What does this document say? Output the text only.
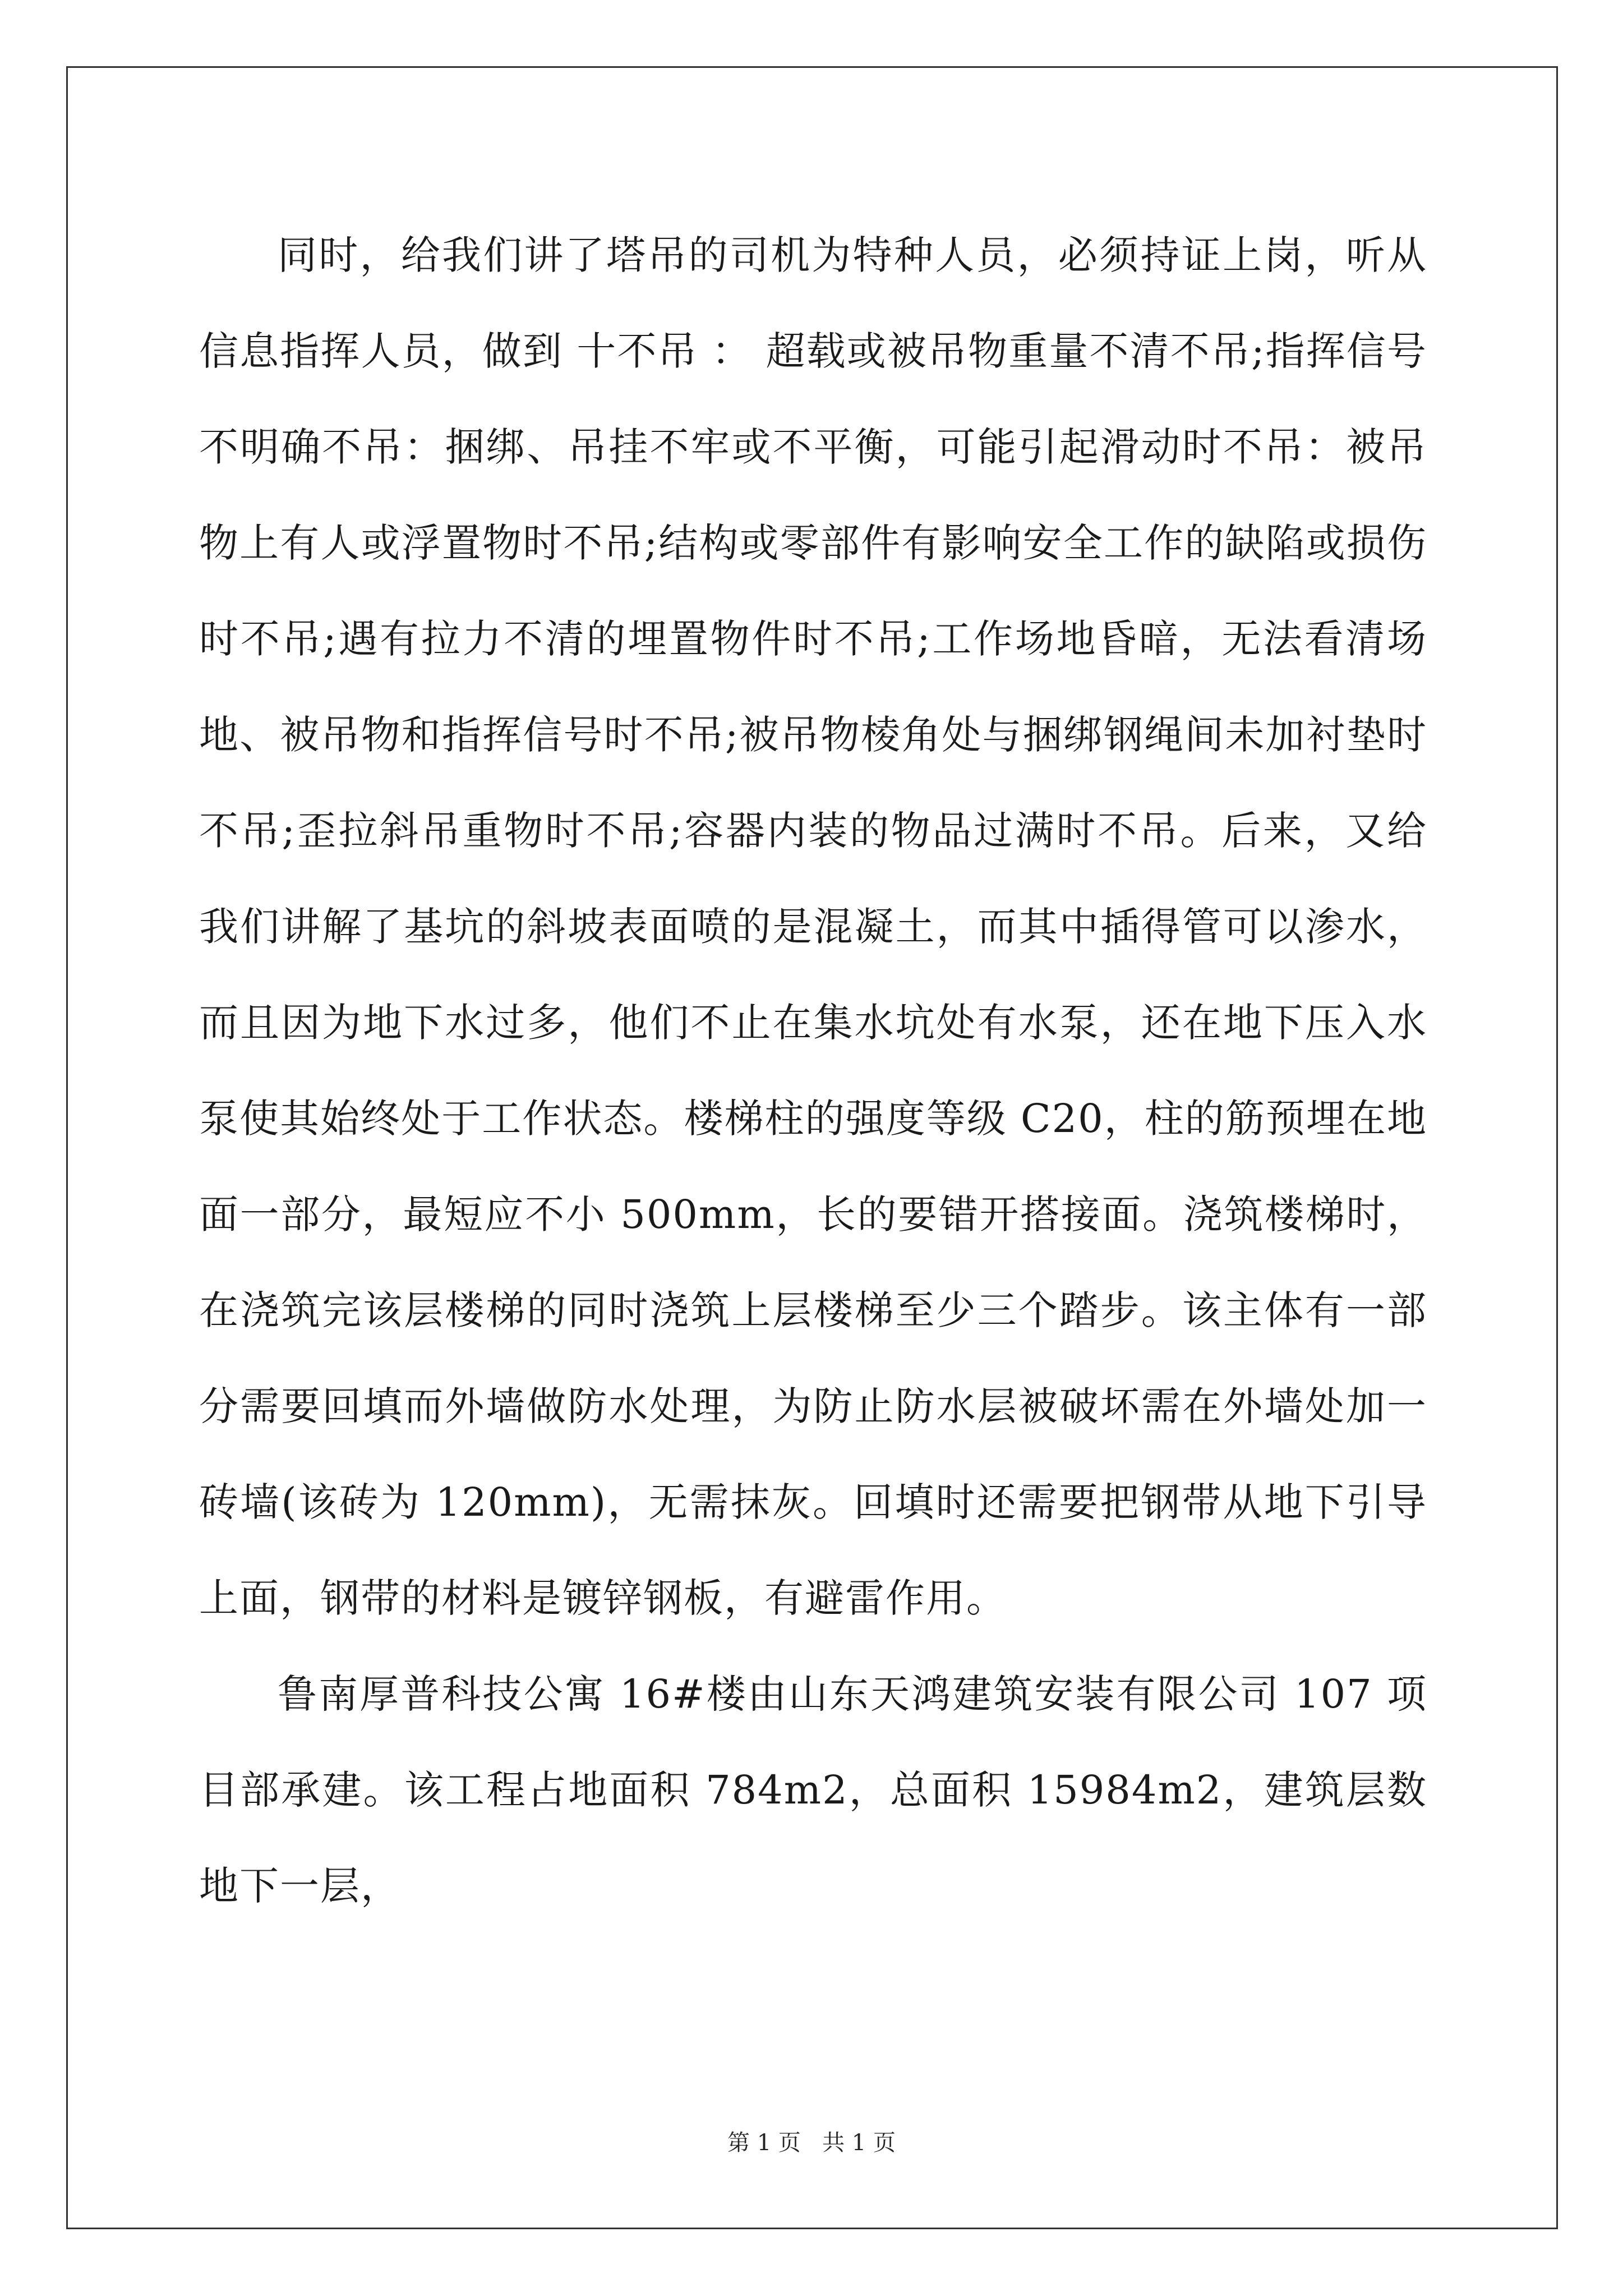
同时，给我们讲了塔吊的司机为特种人员，必须持证上岗，听从信息指挥人员，做到 十不吊 ： 超载或被吊物重量不清不吊;指挥信号不明确不吊：捆绑、吊挂不牢或不平衡，可能引起滑动时不吊：被吊物上有人或浮置物时不吊;结构或零部件有影响安全工作的缺陷或损伤时不吊;遇有拉力不清的埋置物件时不吊;工作场地昏暗，无法看清场地、被吊物和指挥信号时不吊;被吊物棱角处与捆绑钢绳间未加衬垫时不吊;歪拉斜吊重物时不吊;容器内装的物品过满时不吊。后来，又给我们讲解了基坑的斜坡表面喷的是混凝土，而其中插得管可以渗水，而且因为地下水过多，他们不止在集水坑处有水泵，还在地下压入水泵使其始终处于工作状态。楼梯柱的强度等级 C20，柱的筋预埋在地面一部分，最短应不小 500mm，长的要错开搭接面。浇筑楼梯时，在浇筑完该层楼梯的同时浇筑上层楼梯至少三个踏步。该主体有一部分需要回填而外墙做防水处理，为防止防水层被破坏需在外墙处加一砖墙(该砖为 120mm)，无需抹灰。回填时还需要把钢带从地下引导上面，钢带的材料是镀锌钢板，有避雷作用。

鲁南厚普科技公寓 16#楼由山东天鸿建筑安装有限公司 107 项目部承建。该工程占地面积 784m2，总面积 15984m2，建筑层数地下一层，

第 1 页   共 1 页
